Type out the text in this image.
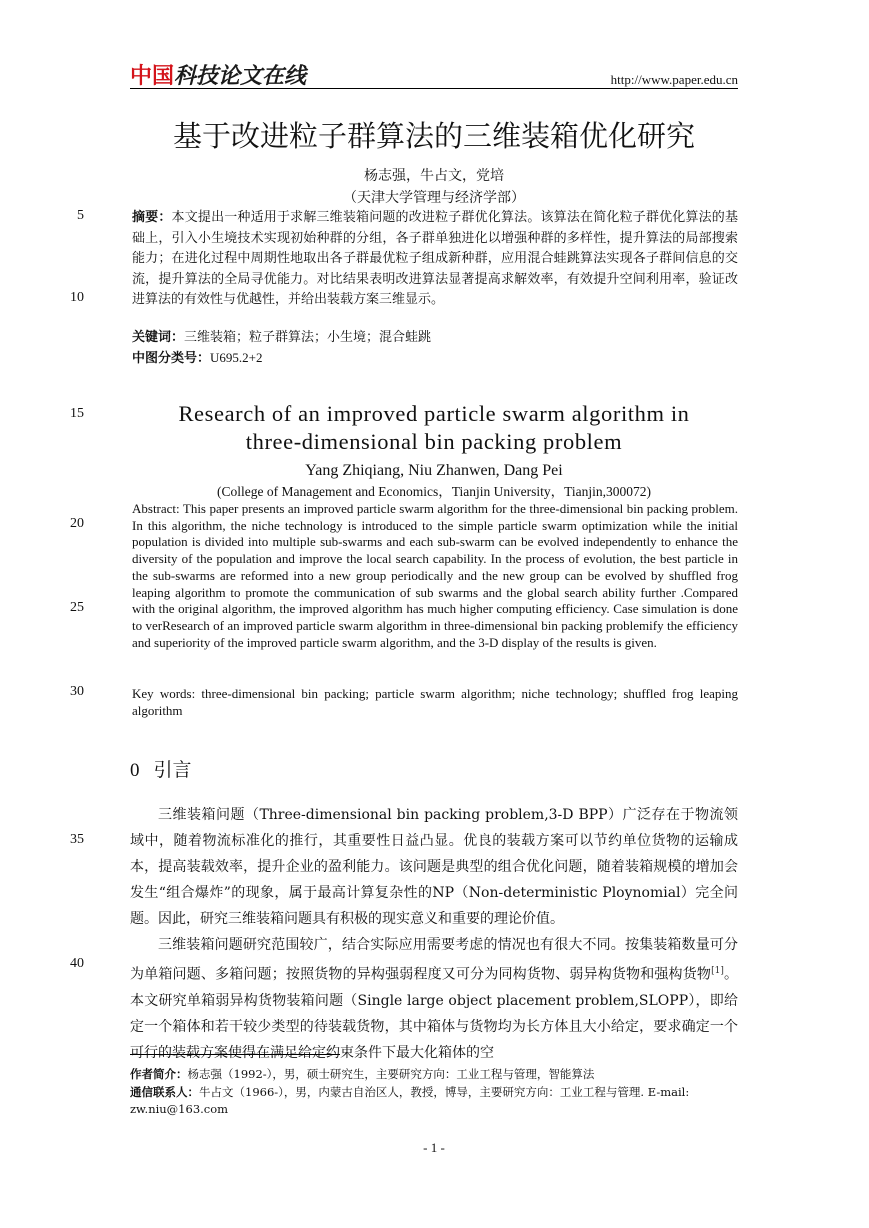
中国科技论文在线	http://www.paper.edu.cn
基于改进粒子群算法的三维装箱优化研究
杨志强，牛占文，党培
（天津大学管理与经济学部）
5
10
15
20
25
30
35
40
摘要：本文提出一种适用于求解三维装箱问题的改进粒子群优化算法。该算法在简化粒子群优化算法的基础上，引入小生境技术实现初始种群的分组，各子群单独进化以增强种群的多样性，提升算法的局部搜索能力；在进化过程中周期性地取出各子群最优粒子组成新种群，应用混合蛙跳算法实现各子群间信息的交流，提升算法的全局寻优能力。对比结果表明改进算法显著提高求解效率，有效提升空间利用率，验证改进算法的有效性与优越性，并给出装载方案三维显示。
关键词：三维装箱；粒子群算法；小生境；混合蛙跳
中图分类号：U695.2+2
Research of an improved particle swarm algorithm in
three-dimensional bin packing problem
Yang Zhiqiang, Niu Zhanwen, Dang Pei
(College of Management and Economics，Tianjin University，Tianjin,300072)
Abstract: This paper presents an improved particle swarm algorithm for the three-dimensional bin packing problem. In this algorithm, the niche technology is introduced to the simple particle swarm optimization while the initial population is divided into multiple sub-swarms and each sub-swarm can be evolved independently to enhance the diversity of the population and improve the local search capability. In the process of evolution, the best particle in the sub-swarms are reformed into a new group periodically and the new group can be evolved by shuffled frog leaping algorithm to promote the communication of sub swarms and the global search ability further .Compared with the original algorithm, the improved algorithm has much higher computing efficiency. Case simulation is done to verResearch of an improved particle swarm algorithm in three-dimensional bin packing problemify the efficiency and superiority of the improved particle swarm algorithm, and the 3-D display of the results is given.
Key words: three-dimensional bin packing; particle swarm algorithm; niche technology; shuffled frog leaping algorithm
0 引言

三维装箱问题（Three-dimensional bin packing problem,3-D BPP）广泛存在于物流领域中，随着物流标准化的推行，其重要性日益凸显。优良的装载方案可以节约单位货物的运输成本，提高装载效率，提升企业的盈利能力。该问题是典型的组合优化问题，随着装箱规模的增加会发生“组合爆炸”的现象，属于最高计算复杂性的NP（Non-deterministic Ploynomial）完全问题。因此，研究三维装箱问题具有积极的现实意义和重要的理论价值。

三维装箱问题研究范围较广，结合实际应用需要考虑的情况也有很大不同。按集装箱数量可分为单箱问题、多箱问题；按照货物的异构强弱程度又可分为同构货物、弱异构货物和强构货物[1]。本文研究单箱弱异构货物装箱问题（Single large object placement problem,SLOPP），即给定一个箱体和若干较少类型的待装载货物，其中箱体与货物均为长方体且大小给定，要求确定一个可行的装载方案使得在满足给定约束条件下最大化箱体的空

作者简介：杨志强（1992-），男，硕士研究生，主要研究方向：工业工程与管理，智能算法
通信联系人：牛占文（1966-），男，内蒙古自治区人，教授，博导，主要研究方向：工业工程与管理. E-mail: zw.niu@163.com
- 1 -
